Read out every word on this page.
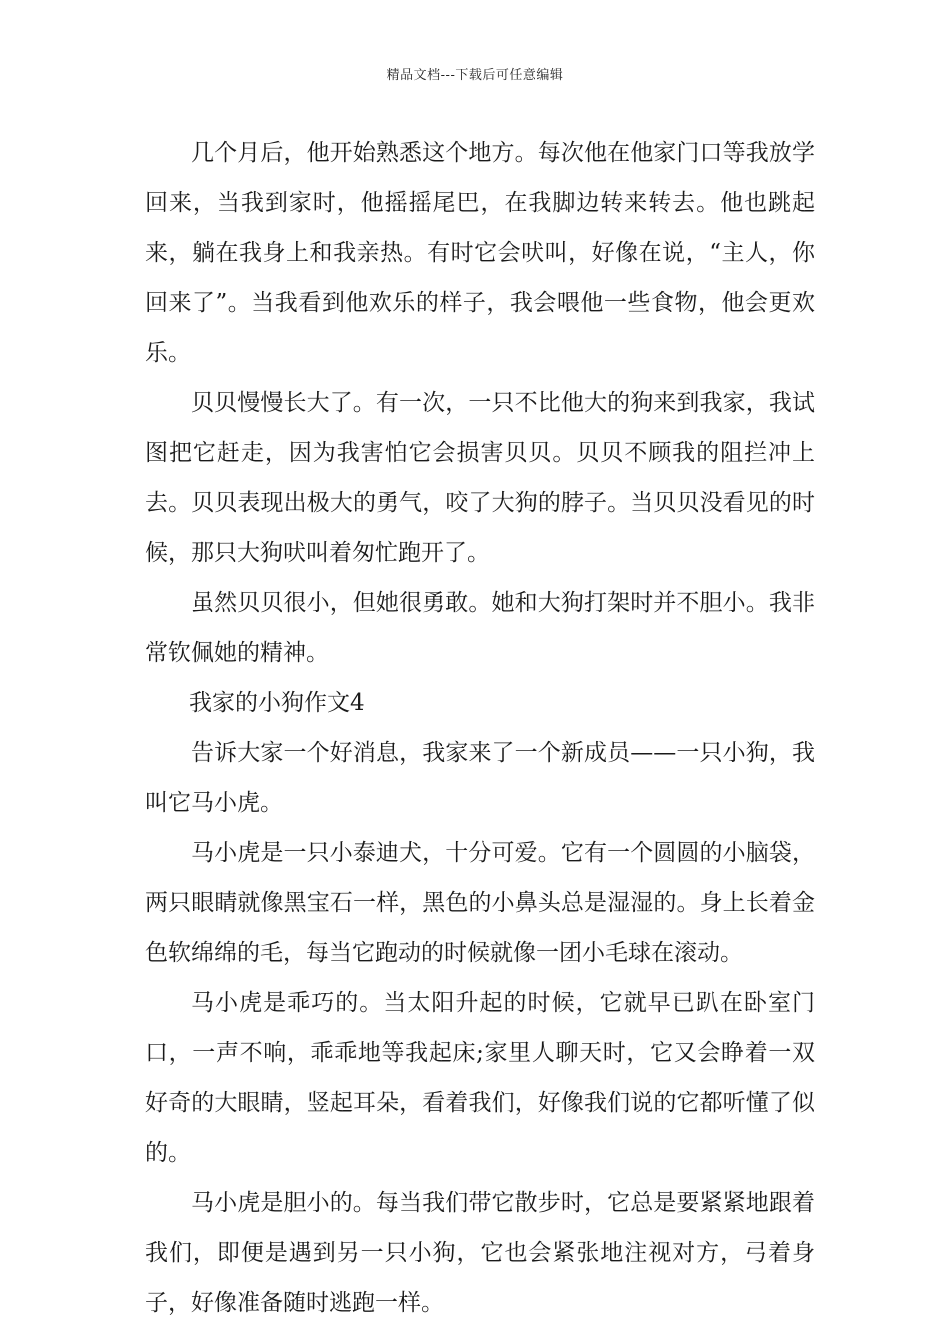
精品文档---下载后可任意编辑

几个月后，他开始熟悉这个地方。每次他在他家门口等我放学回来，当我到家时，他摇摇尾巴，在我脚边转来转去。他也跳起来，躺在我身上和我亲热。有时它会吠叫，好像在说，“主人，你回来了”。当我看到他欢乐的样子，我会喂他一些食物，他会更欢乐。

贝贝慢慢长大了。有一次，一只不比他大的狗来到我家，我试图把它赶走，因为我害怕它会损害贝贝。贝贝不顾我的阻拦冲上去。贝贝表现出极大的勇气，咬了大狗的脖子。当贝贝没看见的时候，那只大狗吠叫着匆忙跑开了。

虽然贝贝很小，但她很勇敢。她和大狗打架时并不胆小。我非常钦佩她的精神。

我家的小狗作文4

告诉大家一个好消息，我家来了一个新成员——一只小狗，我叫它马小虎。

马小虎是一只小泰迪犬，十分可爱。它有一个圆圆的小脑袋，两只眼睛就像黑宝石一样，黑色的小鼻头总是湿湿的。身上长着金色软绵绵的毛，每当它跑动的时候就像一团小毛球在滚动。

马小虎是乖巧的。当太阳升起的时候，它就早已趴在卧室门口，一声不响，乖乖地等我起床;家里人聊天时，它又会睁着一双好奇的大眼睛，竖起耳朵，看着我们，好像我们说的它都听懂了似的。

马小虎是胆小的。每当我们带它散步时，它总是要紧紧地跟着我们，即便是遇到另一只小狗，它也会紧张地注视对方，弓着身子，好像准备随时逃跑一样。
